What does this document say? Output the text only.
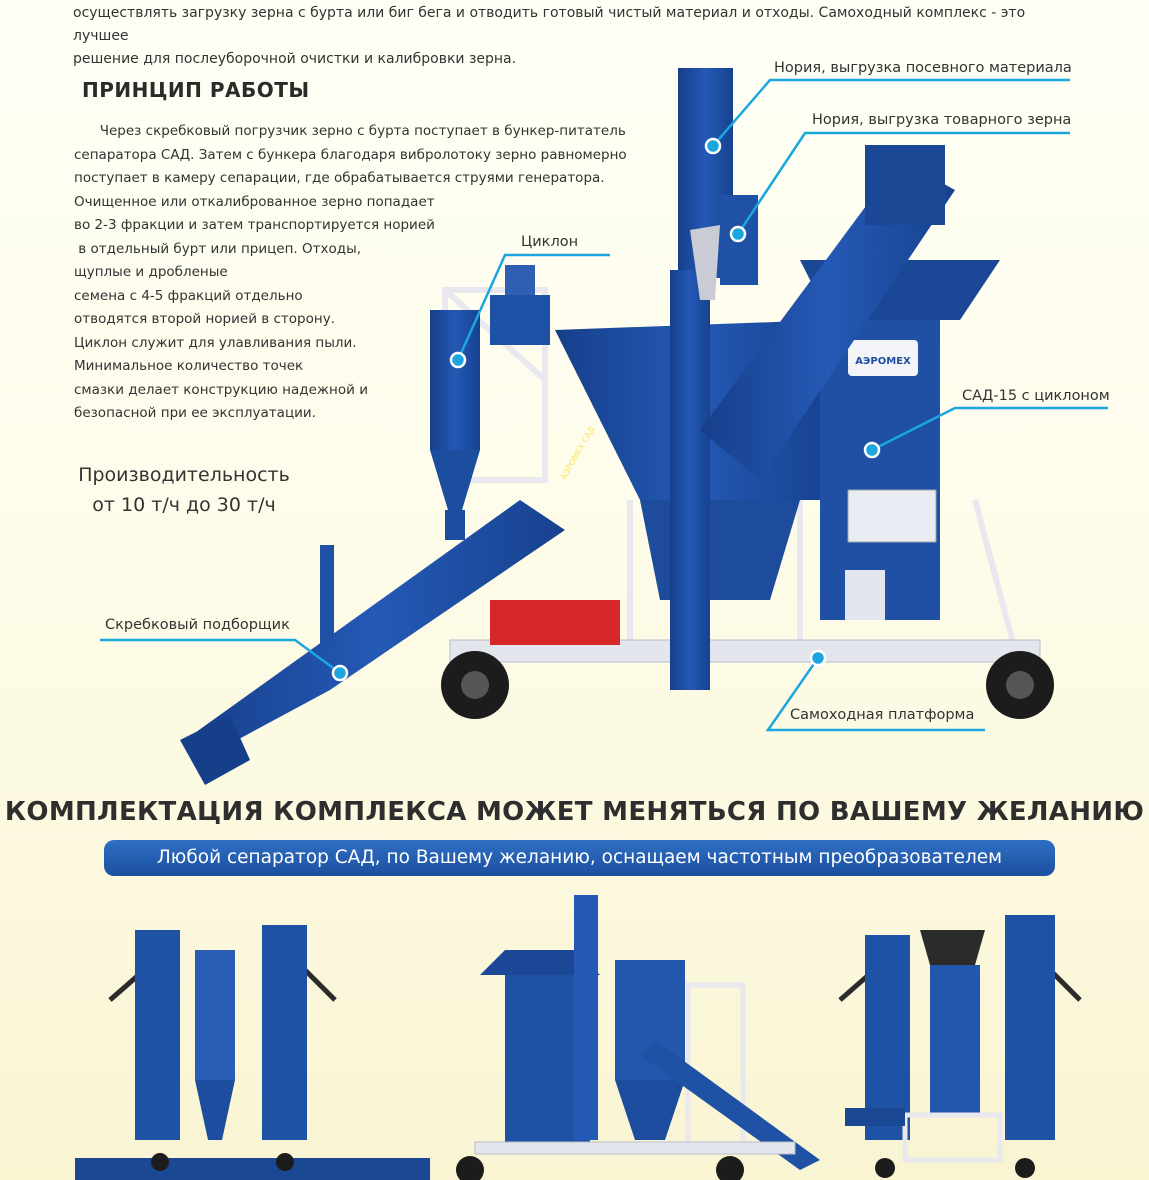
осуществлять загрузку зерна с бурта или биг бега и отводить готовый чистый материал и отходы. Самоходный комплекс - это лучшее
решение для послеуборочной очистки и калибровки зерна.
ПРИНЦИП РАБОТЫ
Через скребковый погрузчик зерно с бурта поступает в бункер-питатель
сепаратора САД. Затем с бункера благодаря вибролотоку зерно равномерно
поступает в камеру сепарации, где обрабатывается струями генератора.
Очищенное или откалиброванное зерно попадает
во 2-3 фракции и затем транспортируется норией
в отдельный бурт или прицеп. Отходы,
щуплые и дробленые
семена с 4-5 фракций отдельно
отводятся второй норией в сторону.
Циклон служит для улавливания пыли.
Минимальное количество точек
смазки делает конструкцию надежной и
безопасной при ее эксплуатации.
Производительность
от 10 т/ч до 30 т/ч
АЭРОМЕХ
АЭРОМЕХ САД
Нория, выгрузка посевного материала
Нория, выгрузка товарного зерна
Циклон
САД-15 с циклоном
Скребковый подборщик
Самоходная платформа
КОМПЛЕКТАЦИЯ КОМПЛЕКСА МОЖЕТ МЕНЯТЬСЯ ПО ВАШЕМУ ЖЕЛАНИЮ
Любой сепаратор САД, по Вашему желанию, оснащаем частотным преобразователем
